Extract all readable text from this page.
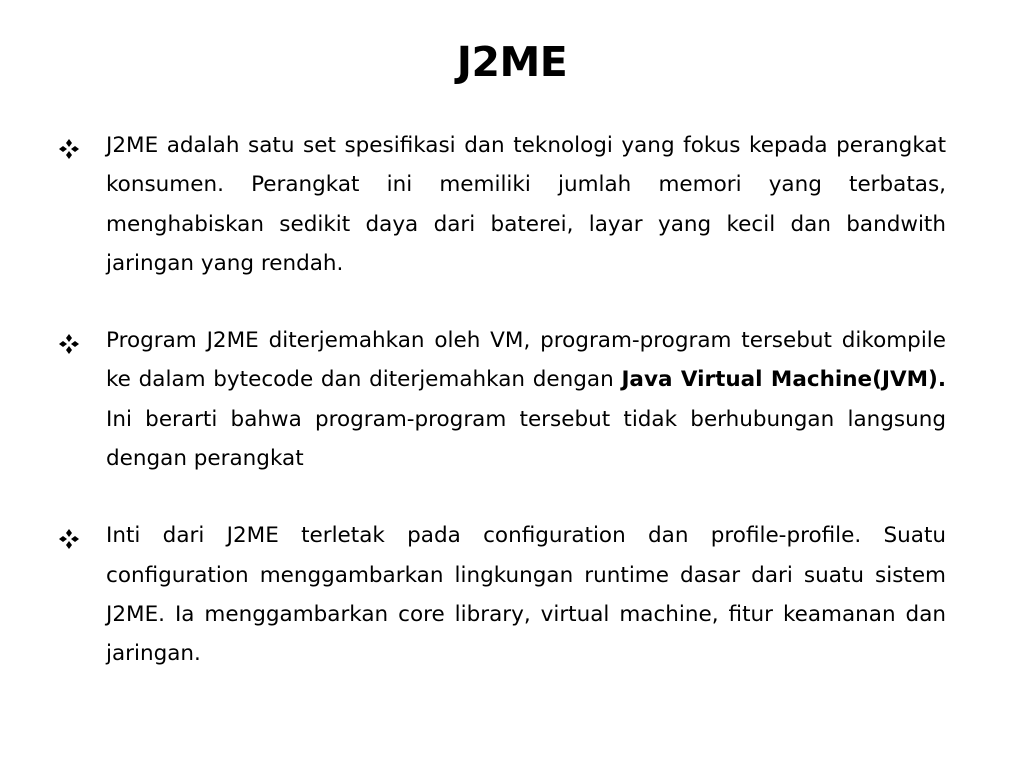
J2ME
J2ME adalah satu set spesifikasi dan teknologi yang fokus kepada perangkat konsumen. Perangkat ini memiliki jumlah memori yang terbatas, menghabiskan sedikit daya dari baterei, layar yang kecil dan bandwith jaringan yang rendah.
Program J2ME diterjemahkan oleh VM, program-program tersebut dikompile ke dalam bytecode dan diterjemahkan dengan Java Virtual Machine(JVM). Ini berarti bahwa program-program tersebut tidak berhubungan langsung dengan perangkat
Inti dari J2ME terletak pada configuration dan profile-profile. Suatu configuration menggambarkan lingkungan runtime dasar dari suatu sistem J2ME. Ia menggambarkan core library, virtual machine, fitur keamanan dan jaringan.
